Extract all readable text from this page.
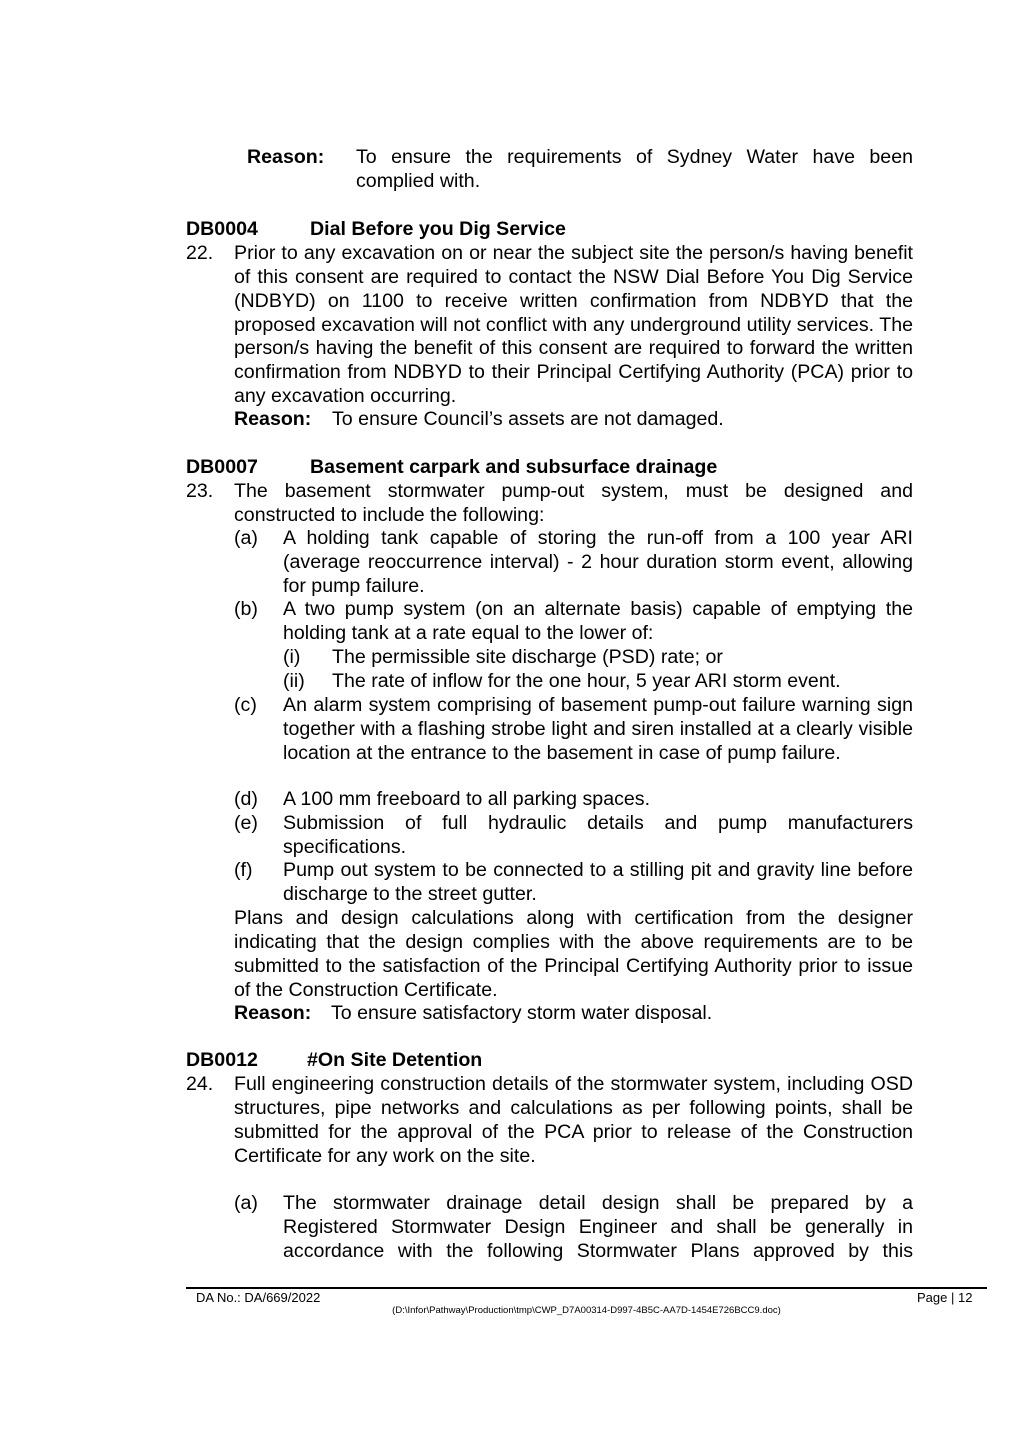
Reason: To ensure the requirements of Sydney Water have been complied with.
DB0004	Dial Before you Dig Service
22. Prior to any excavation on or near the subject site the person/s having benefit of this consent are required to contact the NSW Dial Before You Dig Service (NDBYD) on 1100 to receive written confirmation from NDBYD that the proposed excavation will not conflict with any underground utility services. The person/s having the benefit of this consent are required to forward the written confirmation from NDBYD to their Principal Certifying Authority (PCA) prior to any excavation occurring.
Reason: To ensure Council’s assets are not damaged.
DB0007	Basement carpark and subsurface drainage
23. The basement stormwater pump-out system, must be designed and constructed to include the following:
(a) A holding tank capable of storing the run-off from a 100 year ARI (average reoccurrence interval) - 2 hour duration storm event, allowing for pump failure.
(b) A two pump system (on an alternate basis) capable of emptying the holding tank at a rate equal to the lower of:
(i) The permissible site discharge (PSD) rate; or
(ii) The rate of inflow for the one hour, 5 year ARI storm event.
(c) An alarm system comprising of basement pump-out failure warning sign together with a flashing strobe light and siren installed at a clearly visible location at the entrance to the basement in case of pump failure.
(d) A 100 mm freeboard to all parking spaces.
(e) Submission of full hydraulic details and pump manufacturers specifications.
(f) Pump out system to be connected to a stilling pit and gravity line before discharge to the street gutter.
Plans and design calculations along with certification from the designer indicating that the design complies with the above requirements are to be submitted to the satisfaction of the Principal Certifying Authority prior to issue of the Construction Certificate.
Reason: To ensure satisfactory storm water disposal.
DB0012	#On Site Detention
24. Full engineering construction details of the stormwater system, including OSD structures, pipe networks and calculations as per following points, shall be submitted for the approval of the PCA prior to release of the Construction Certificate for any work on the site.
(a) The stormwater drainage detail design shall be prepared by a Registered Stormwater Design Engineer and shall be generally in accordance with the following Stormwater Plans approved by this
DA No.: DA/669/2022	Page | 12
(D:\Infor\Pathway\Production\tmp\CWP_D7A00314-D997-4B5C-AA7D-1454E726BCC9.doc)
